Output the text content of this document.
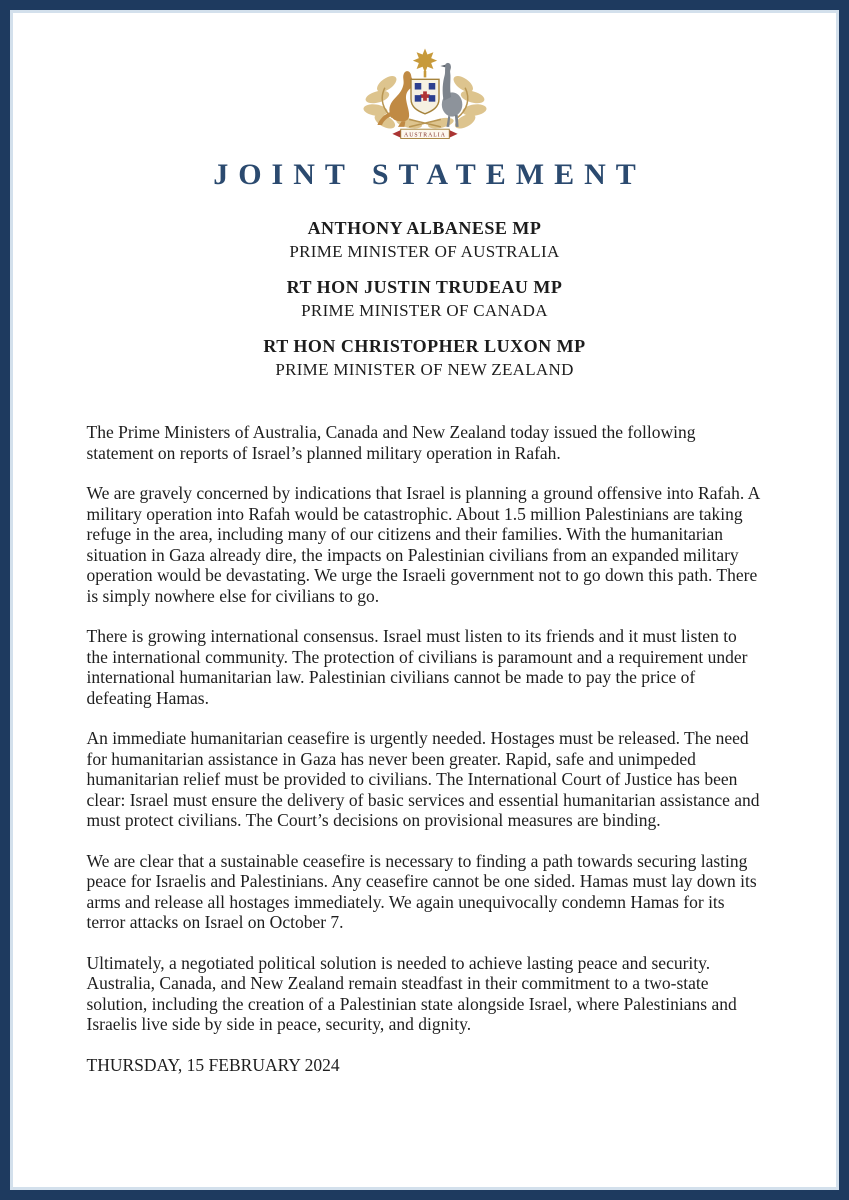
AUSTRALIA
JOINT STATEMENT
ANTHONY ALBANESE MP
PRIME MINISTER OF AUSTRALIA
RT HON JUSTIN TRUDEAU MP
PRIME MINISTER OF CANADA
RT HON CHRISTOPHER LUXON MP
PRIME MINISTER OF NEW ZEALAND

The Prime Ministers of Australia, Canada and New Zealand today issued the following statement on reports of Israel’s planned military operation in Rafah.

We are gravely concerned by indications that Israel is planning a ground offensive into Rafah. A military operation into Rafah would be catastrophic. About 1.5 million Palestinians are taking refuge in the area, including many of our citizens and their families. With the humanitarian situation in Gaza already dire, the impacts on Palestinian civilians from an expanded military operation would be devastating. We urge the Israeli government not to go down this path. There is simply nowhere else for civilians to go.

There is growing international consensus. Israel must listen to its friends and it must listen to the international community. The protection of civilians is paramount and a requirement under international humanitarian law. Palestinian civilians cannot be made to pay the price of defeating Hamas.

An immediate humanitarian ceasefire is urgently needed. Hostages must be released. The need for humanitarian assistance in Gaza has never been greater. Rapid, safe and unimpeded humanitarian relief must be provided to civilians. The International Court of Justice has been clear: Israel must ensure the delivery of basic services and essential humanitarian assistance and must protect civilians. The Court’s decisions on provisional measures are binding.

We are clear that a sustainable ceasefire is necessary to finding a path towards securing lasting peace for Israelis and Palestinians. Any ceasefire cannot be one sided. Hamas must lay down its arms and release all hostages immediately. We again unequivocally condemn Hamas for its terror attacks on Israel on October 7.

Ultimately, a negotiated political solution is needed to achieve lasting peace and security. Australia, Canada, and New Zealand remain steadfast in their commitment to a two-state solution, including the creation of a Palestinian state alongside Israel, where Palestinians and Israelis live side by side in peace, security, and dignity.

THURSDAY, 15 FEBRUARY 2024
